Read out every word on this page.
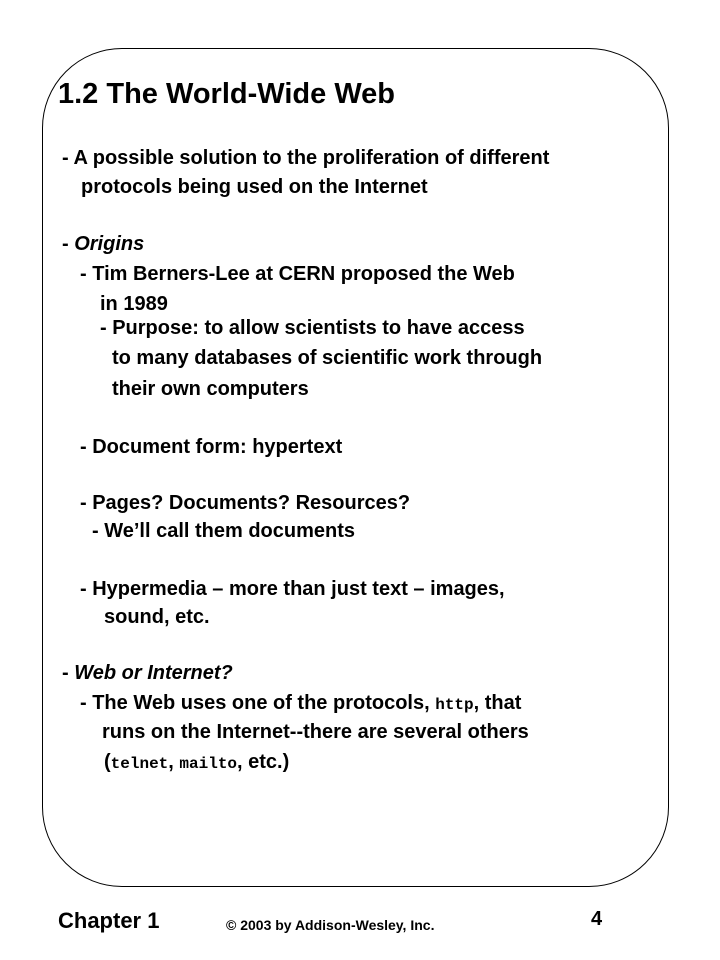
1.2 The World-Wide Web
- A possible solution to the proliferation of different
protocols being used on the Internet
- Origins
- Tim Berners-Lee at CERN proposed the Web
in 1989
- Purpose: to allow scientists to have access
to many databases of scientific work through
their own computers
- Document form: hypertext
- Pages? Documents? Resources?
- We’ll call them documents
- Hypermedia – more than just text – images,
sound, etc.
- Web or Internet?
- The Web uses one of the protocols, http, that
runs on the Internet--there are several others
(telnet, mailto, etc.)
Chapter 1	© 2003 by Addison-Wesley, Inc.	4
